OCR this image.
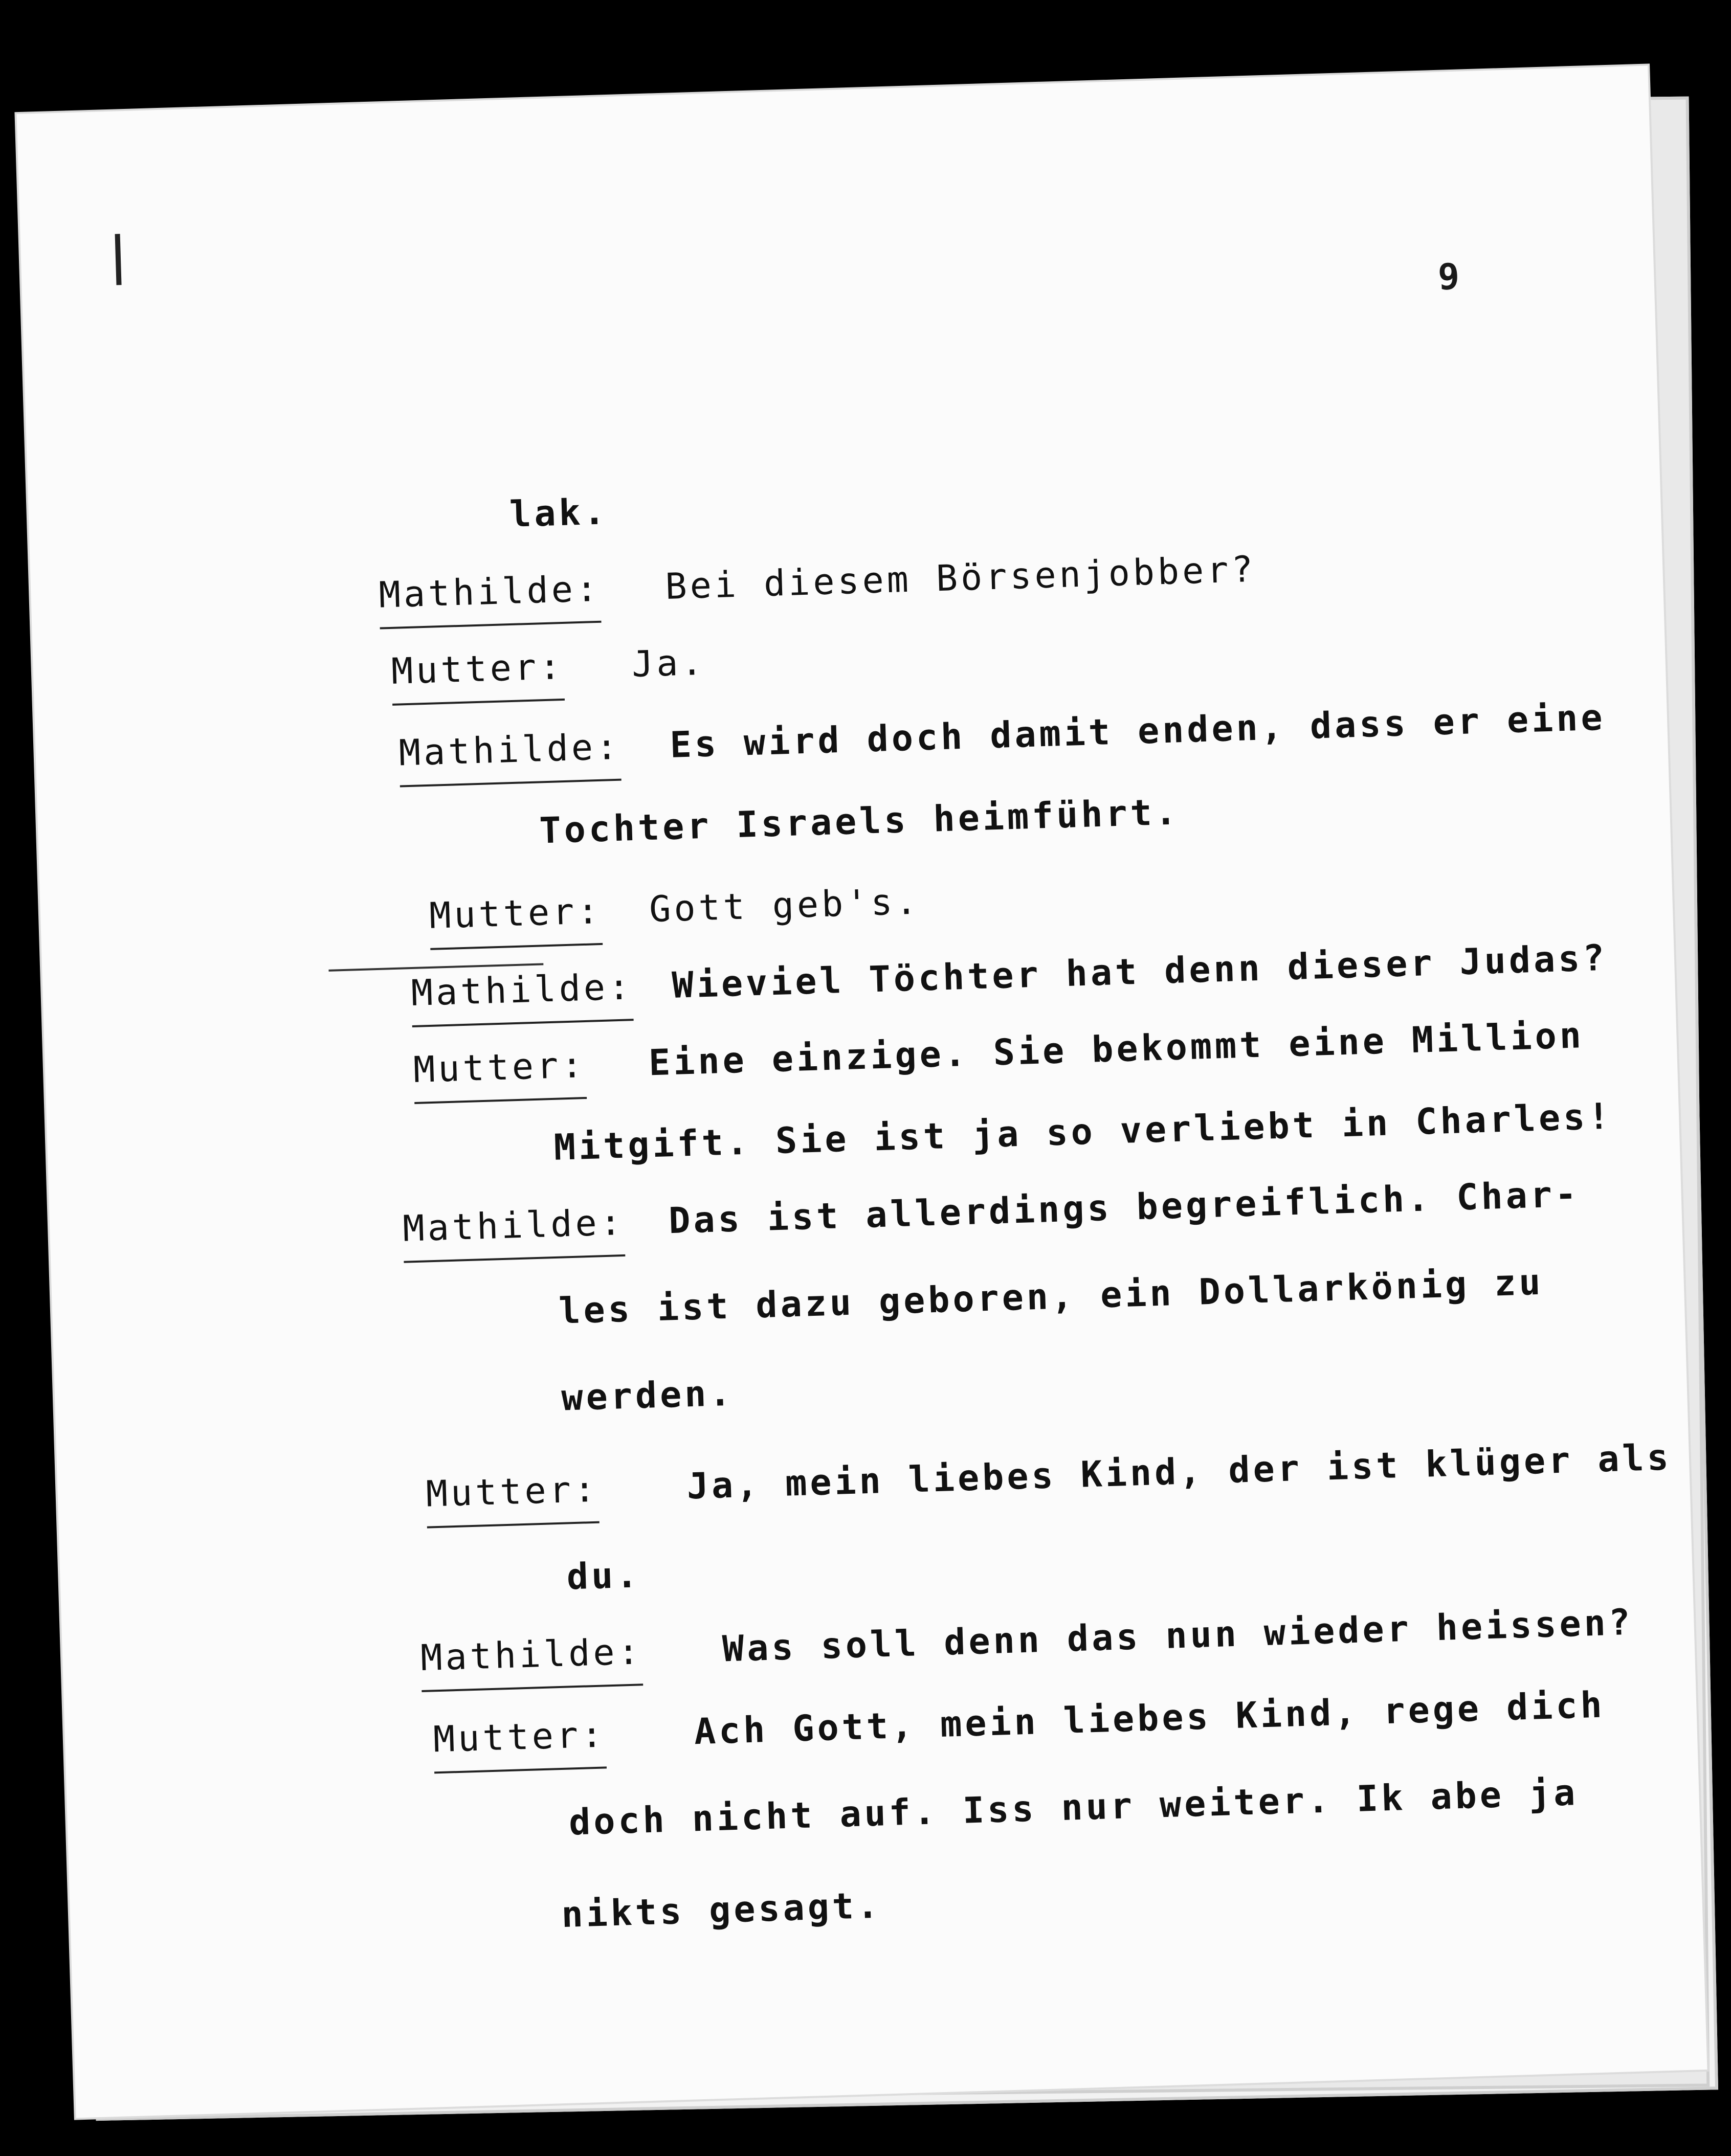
9
lak.
Mathilde: Bei diesem Börsenjobber?
Mutter: Ja.
Mathilde: Es wird doch damit enden, dass er eine
Tochter Israels heimführt.
Mutter: Gott geb's.
Mathilde: Wieviel Töchter hat denn dieser Judas?
Mutter: Eine einzige. Sie bekommt eine Million
Mitgift. Sie ist ja so verliebt in Charles!
Mathilde: Das ist allerdings begreiflich. Char-
les ist dazu geboren, ein Dollarkönig zu
werden.
Mutter: Ja, mein liebes Kind, der ist klüger als
du.
Mathilde: Was soll denn das nun wieder heissen?
Mutter: Ach Gott, mein liebes Kind, rege dich
doch nicht auf. Iss nur weiter. Ik abe ja
nikts gesagt.
